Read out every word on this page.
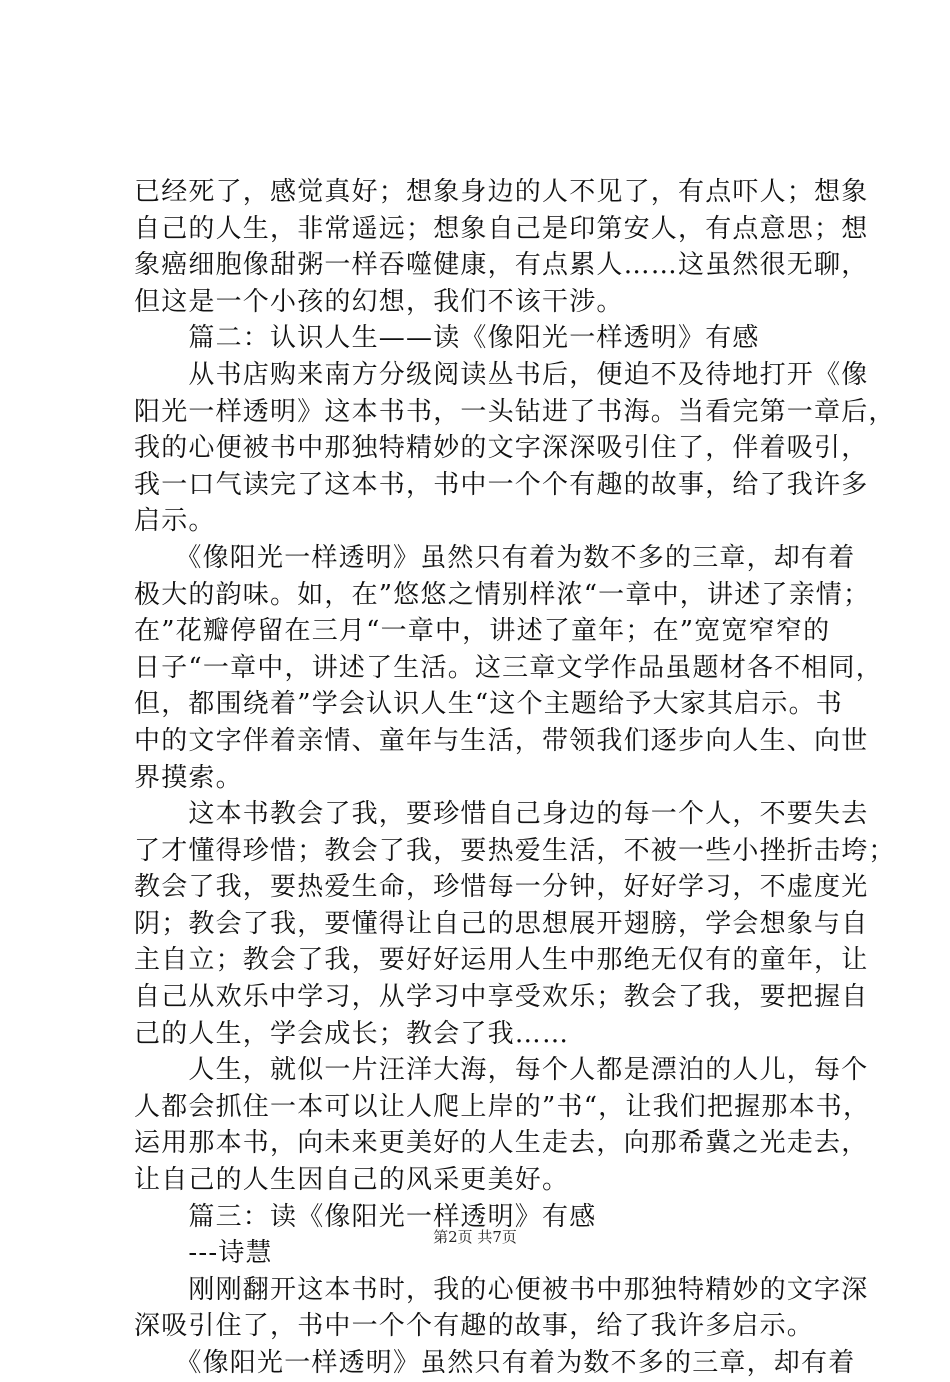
已经死了，感觉真好；想象身边的人不见了，有点吓人；想象
自己的人生，非常遥远；想象自己是印第安人，有点意思；想
象癌细胞像甜粥一样吞噬健康，有点累人……这虽然很无聊，
但这是一个小孩的幻想，我们不该干涉。
　　篇二：认识人生——读《像阳光一样透明》有感
　　从书店购来南方分级阅读丛书后，便迫不及待地打开《像
阳光一样透明》这本书书，一头钻进了书海。当看完第一章后，
我的心便被书中那独特精妙的文字深深吸引住了，伴着吸引，
我一口气读完了这本书，书中一个个有趣的故事，给了我许多
启示。
　　《像阳光一样透明》虽然只有着为数不多的三章，却有着
极大的韵味。如，在”悠悠之情别样浓“一章中，讲述了亲情；
在”花瓣停留在三月“一章中，讲述了童年；在”宽宽窄窄的
日子“一章中，讲述了生活。这三章文学作品虽题材各不相同，
但，都围绕着”学会认识人生“这个主题给予大家其启示。书
中的文字伴着亲情、童年与生活，带领我们逐步向人生、向世
界摸索。
　　这本书教会了我，要珍惜自己身边的每一个人，不要失去
了才懂得珍惜；教会了我，要热爱生活，不被一些小挫折击垮；
教会了我，要热爱生命，珍惜每一分钟，好好学习，不虚度光
阴；教会了我，要懂得让自己的思想展开翅膀，学会想象与自
主自立；教会了我，要好好运用人生中那绝无仅有的童年，让
自己从欢乐中学习，从学习中享受欢乐；教会了我，要把握自
己的人生，学会成长；教会了我……
　　人生，就似一片汪洋大海，每个人都是漂泊的人儿，每个
人都会抓住一本可以让人爬上岸的”书“，让我们把握那本书，
运用那本书，向未来更美好的人生走去，向那希冀之光走去，
让自己的人生因自己的风采更美好。
　　篇三：读《像阳光一样透明》有感
　　---诗慧
　　刚刚翻开这本书时，我的心便被书中那独特精妙的文字深
深吸引住了，书中一个个有趣的故事，给了我许多启示。
　　《像阳光一样透明》虽然只有着为数不多的三章，却有着
第2页 共7页
